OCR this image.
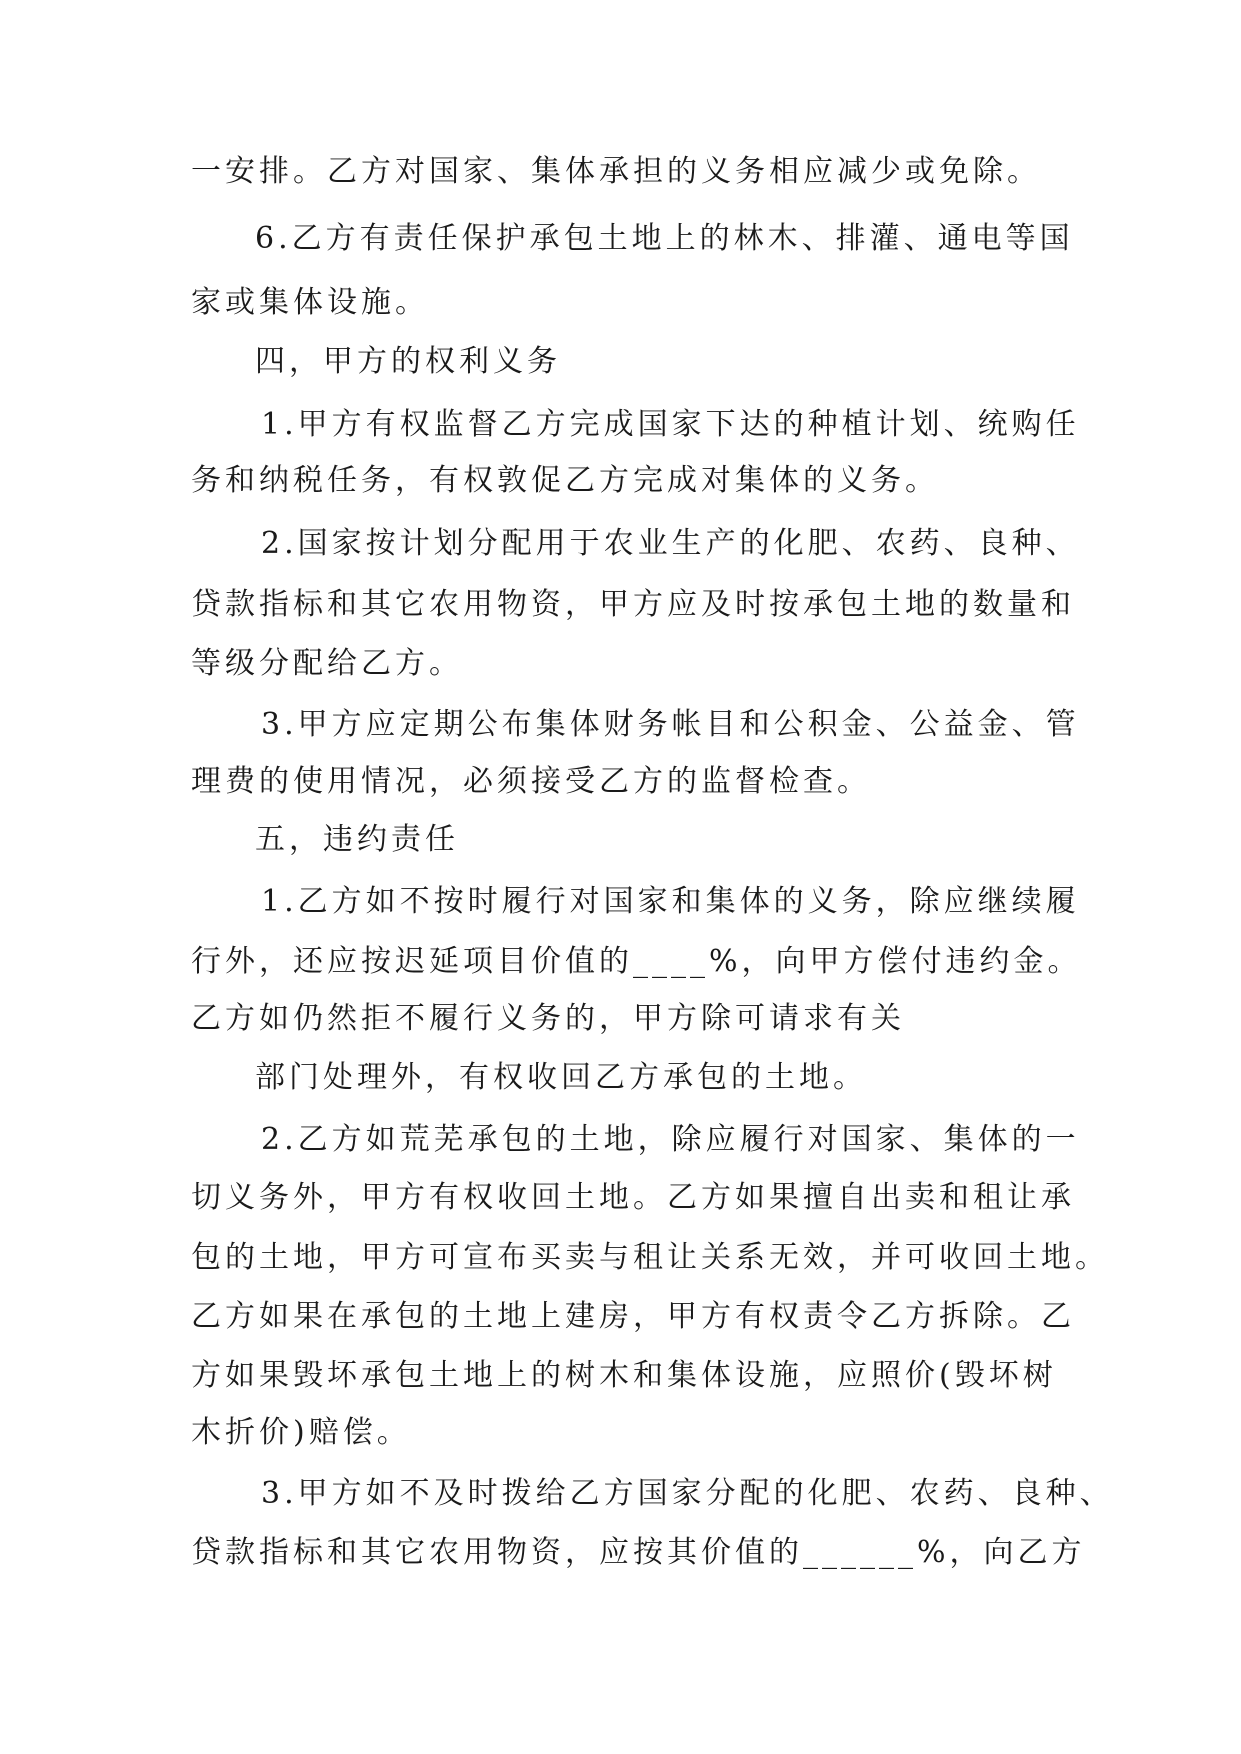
一安排。乙方对国家、集体承担的义务相应减少或免除。
6.乙方有责任保护承包土地上的林木、排灌、通电等国
家或集体设施。
四，甲方的权利义务
1.甲方有权监督乙方完成国家下达的种植计划、统购任
务和纳税任务，有权敦促乙方完成对集体的义务。
2.国家按计划分配用于农业生产的化肥、农药、良种、
贷款指标和其它农用物资，甲方应及时按承包土地的数量和
等级分配给乙方。
3.甲方应定期公布集体财务帐目和公积金、公益金、管
理费的使用情况，必须接受乙方的监督检查。
五，违约责任
1.乙方如不按时履行对国家和集体的义务，除应继续履
行外，还应按迟延项目价值的____%，向甲方偿付违约金。
乙方如仍然拒不履行义务的，甲方除可请求有关
部门处理外，有权收回乙方承包的土地。
2.乙方如荒芜承包的土地，除应履行对国家、集体的一
切义务外，甲方有权收回土地。乙方如果擅自出卖和租让承
包的土地，甲方可宣布买卖与租让关系无效，并可收回土地。
乙方如果在承包的土地上建房，甲方有权责令乙方拆除。乙
方如果毁坏承包土地上的树木和集体设施，应照价(毁坏树
木折价)赔偿。
3.甲方如不及时拨给乙方国家分配的化肥、农药、良种、
贷款指标和其它农用物资，应按其价值的______%，向乙方
